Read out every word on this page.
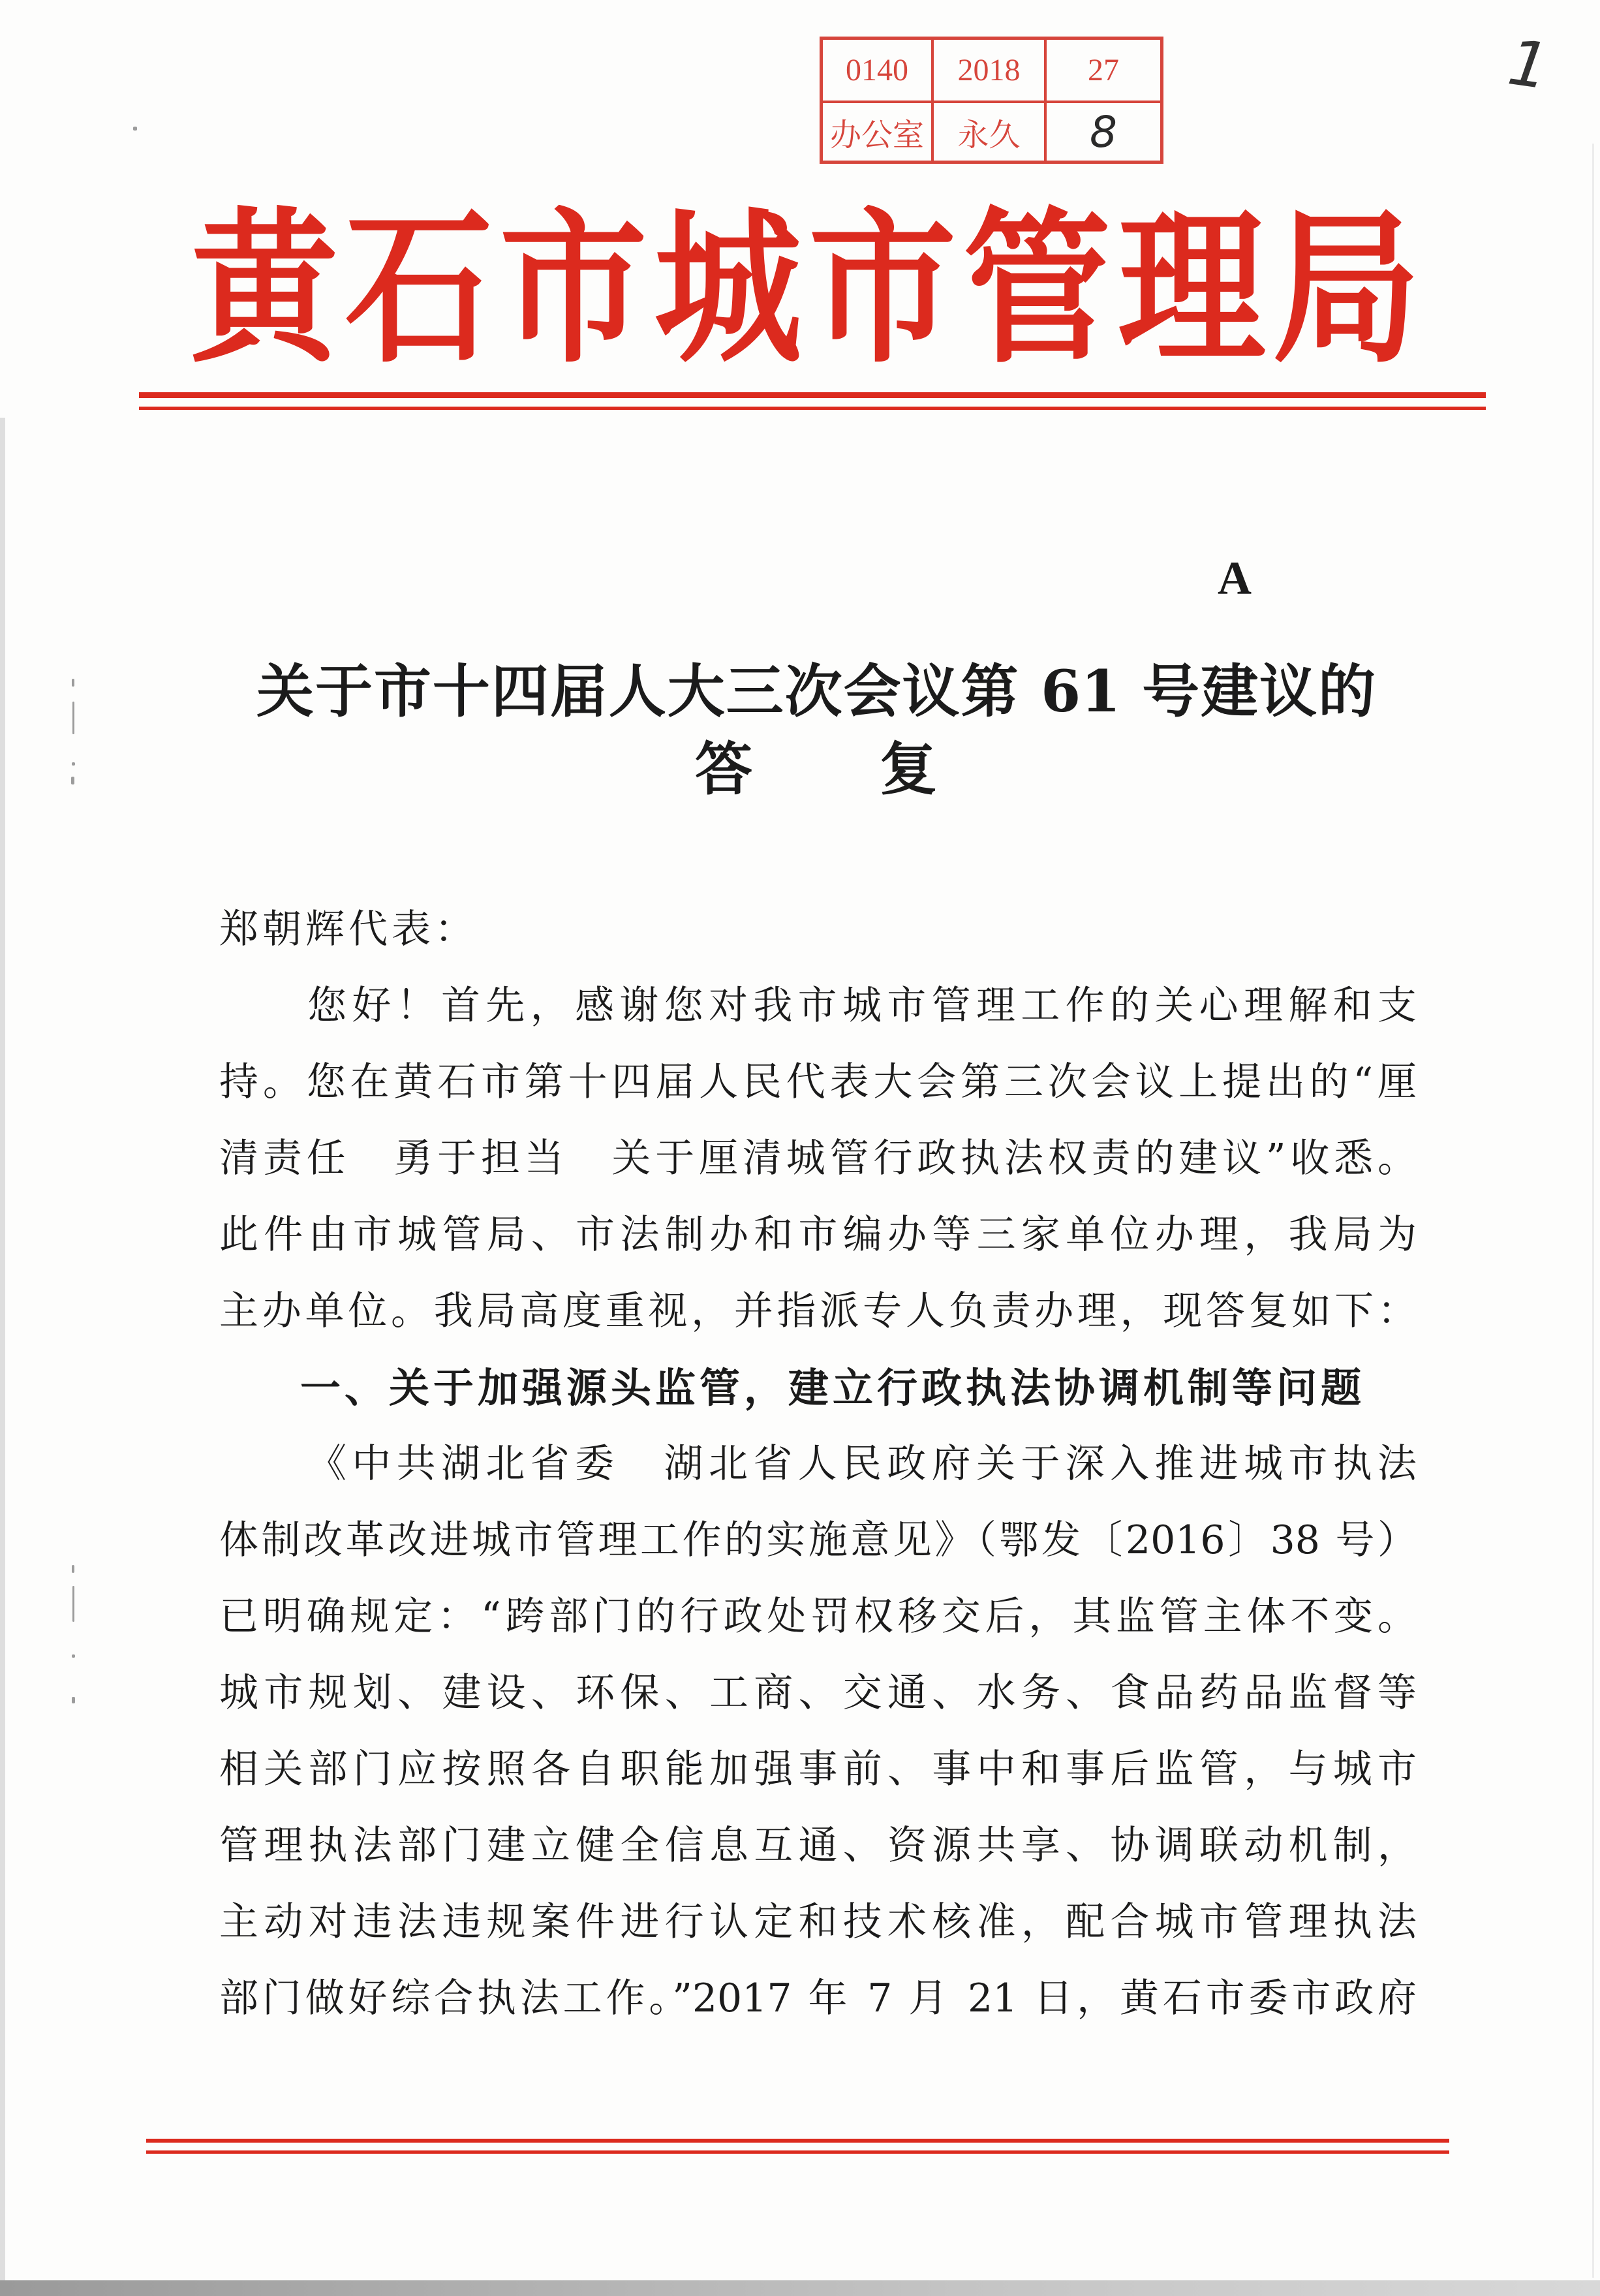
0140	2018	27
办公室	永久	8
1
黄石市城市管理局
A
关于市十四届人大三次会议第 61 号建议的
答　　复
郑朝辉代表：
您好！首先，感谢您对我市城市管理工作的关心理解和支
持。您在黄石市第十四届人民代表大会第三次会议上提出的“厘
清责任　勇于担当　关于厘清城管行政执法权责的建议”收悉。
此件由市城管局、市法制办和市编办等三家单位办理，我局为
主办单位。我局高度重视，并指派专人负责办理，现答复如下：
一、关于加强源头监管，建立行政执法协调机制等问题
《中共湖北省委　湖北省人民政府关于深入推进城市执法
体制改革改进城市管理工作的实施意见》（鄂发〔2016〕38 号）
已明确规定：“跨部门的行政处罚权移交后，其监管主体不变。
城市规划、建设、环保、工商、交通、水务、食品药品监督等
相关部门应按照各自职能加强事前、事中和事后监管，与城市
管理执法部门建立健全信息互通、资源共享、协调联动机制，
主动对违法违规案件进行认定和技术核准，配合城市管理执法
部门做好综合执法工作。”2017 年 7 月 21 日，黄石市委市政府
